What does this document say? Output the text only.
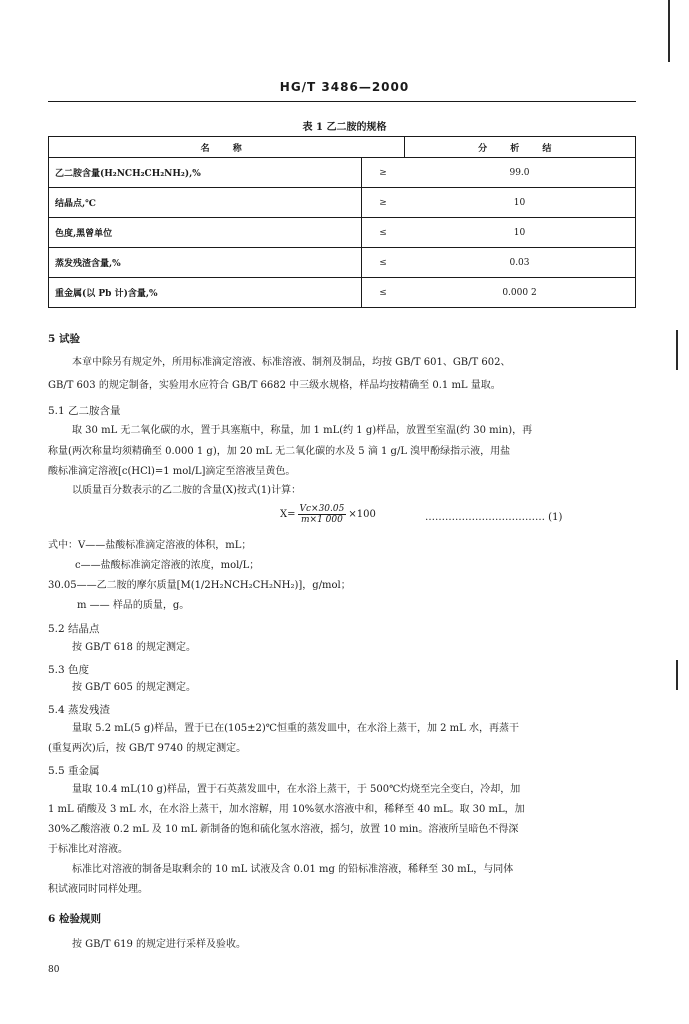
HG/T 3486—2000
表 1 乙二胺的规格
名 称		分 析 结
乙二胺含量(H₂NCH₂CH₂NH₂),%	≥	99.0
结晶点,℃	≥	10
色度,黑曾单位	≤	10
蒸发残渣含量,%	≤	0.03
重金属(以 Pb 计)含量,%	≤	0.000 2
5 试验
本章中除另有规定外，所用标准滴定溶液、标准溶液、制剂及制品，均按 GB/T 601、GB/T 602、
GB/T 603 的规定制备，实验用水应符合 GB/T 6682 中三级水规格，样品均按精确至 0.1 mL 量取。
5.1 乙二胺含量
取 30 mL 无二氧化碳的水，置于具塞瓶中，称量，加 1 mL(约 1 g)样品，放置至室温(约 30 min)，再
称量(两次称量均须精确至 0.000 1 g)，加 20 mL 无二氧化碳的水及 5 滴 1 g/L 溴甲酚绿指示液，用盐
酸标准滴定溶液[c(HCl)=1 mol/L]滴定至溶液呈黄色。
以质量百分数表示的乙二胺的含量(X)按式(1)计算：
$X= \frac{Vc\times 30.05}{m\times 1 000} \times 100$	……………………………… (1)
式中：V——盐酸标准滴定溶液的体积，mL；
c——盐酸标准滴定溶液的浓度，mol/L；
30.05——乙二胺的摩尔质量[M(1/2H₂NCH₂CH₂NH₂)]，g/mol；
m —— 样品的质量，g。
5.2 结晶点
按 GB/T 618 的规定测定。
5.3 色度
按 GB/T 605 的规定测定。
5.4 蒸发残渣
量取 5.2 mL(5 g)样品，置于已在(105±2)℃恒重的蒸发皿中，在水浴上蒸干，加 2 mL 水，再蒸干
(重复两次)后，按 GB/T 9740 的规定测定。
5.5 重金属
量取 10.4 mL(10 g)样品，置于石英蒸发皿中，在水浴上蒸干，于 500℃灼烧至完全变白，冷却，加
1 mL 硝酸及 3 mL 水，在水浴上蒸干，加水溶解，用 10%氨水溶液中和，稀释至 40 mL。取 30 mL，加
30%乙酸溶液 0.2 mL 及 10 mL 新制备的饱和硫化氢水溶液，摇匀，放置 10 min。溶液所呈暗色不得深
于标准比对溶液。
标准比对溶液的制备是取剩余的 10 mL 试液及含 0.01 mg 的铅标准溶液，稀释至 30 mL，与同体
积试液同时同样处理。
6 检验规则
按 GB/T 619 的规定进行采样及验收。
80
